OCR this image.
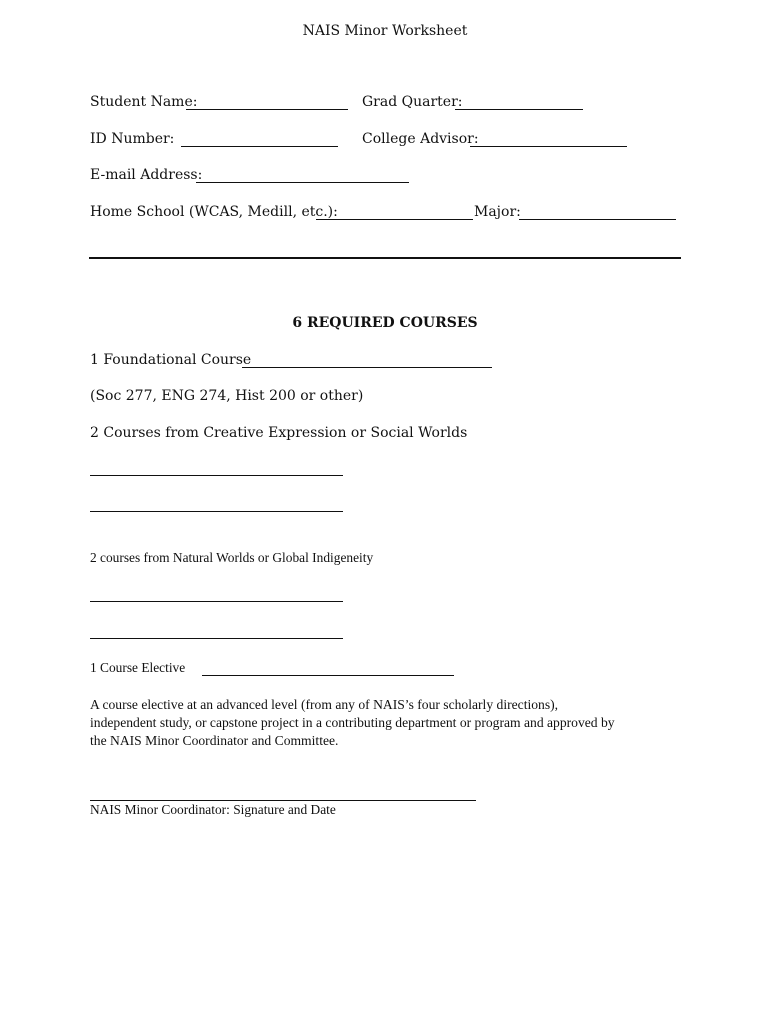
NAIS Minor Worksheet
Student Name:	Grad Quarter:
ID Number:	College Advisor:
E-mail Address:
Home School (WCAS, Medill, etc.):	Major:
6 REQUIRED COURSES
1 Foundational Course
(Soc 277, ENG 274, Hist 200 or other)
2 Courses from Creative Expression or Social Worlds
2 courses from Natural Worlds or Global Indigeneity
1 Course Elective
A course elective at an advanced level (from any of NAIS’s four scholarly directions),
independent study, or capstone project in a contributing department or program and approved by
the NAIS Minor Coordinator and Committee.
NAIS Minor Coordinator: Signature and Date
